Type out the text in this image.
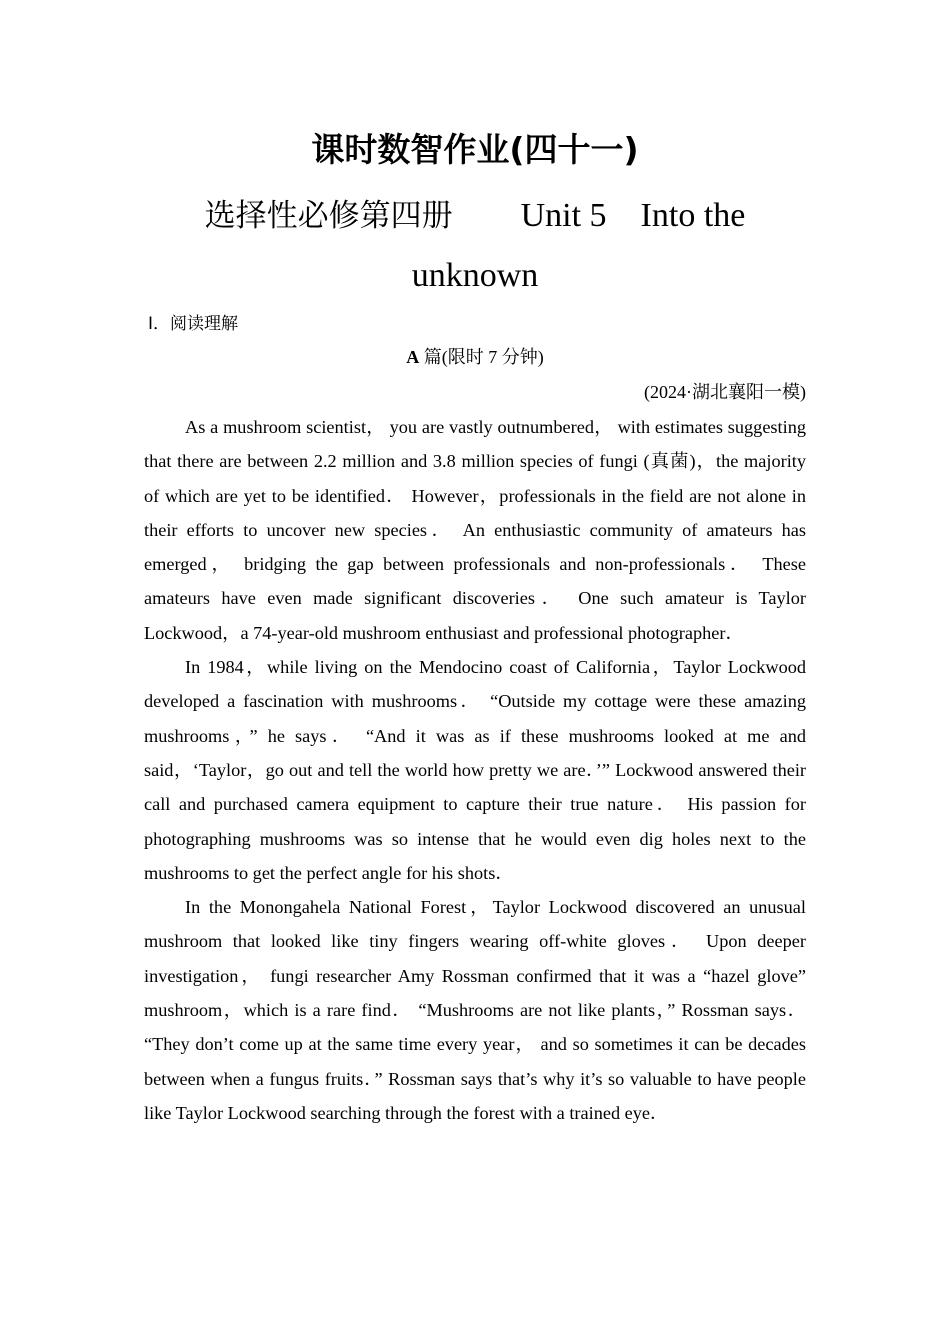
课时数智作业(四十一)
选择性必修第四册　　 Unit 5　Into the
unknown
Ⅰ．阅读理解
A 篇(限时 7 分钟)
(2024·湖北襄阳一模)

As a mushroom scientist， you are vastly outnumbered， with estimates suggesting that there are between 2.2 million and 3.8 million species of fungi (真菌)，the majority of which are yet to be identified． However，professionals in the field are not alone in their efforts to uncover new species． An enthusiastic community of amateurs has emerged， bridging the gap between professionals and non-professionals． These amateurs have even made significant discoveries． One such amateur is Taylor Lockwood，a 74-year-old mushroom enthusiast and professional photographer．

In 1984，while living on the Mendocino coast of California，Taylor Lockwood developed a fascination with mushrooms． “Outside my cottage were these amazing mushrooms，” he says． “And it was as if these mushrooms looked at me and said，‘Taylor，go out and tell the world how pretty we are．’” Lockwood answered their call and purchased camera equipment to capture their true nature． His passion for photographing mushrooms was so intense that he would even dig holes next to the mushrooms to get the perfect angle for his shots．

In the Monongahela National Forest，Taylor Lockwood discovered an unusual mushroom that looked like tiny fingers wearing off-white gloves． Upon deeper investigation， fungi researcher Amy Rossman confirmed that it was a “hazel glove” mushroom，which is a rare find． “Mushrooms are not like plants，” Rossman says． “They don’t come up at the same time every year， and so sometimes it can be decades between when a fungus fruits．” Rossman says that’s why it’s so valuable to have people like Taylor Lockwood searching through the forest with a trained eye．
